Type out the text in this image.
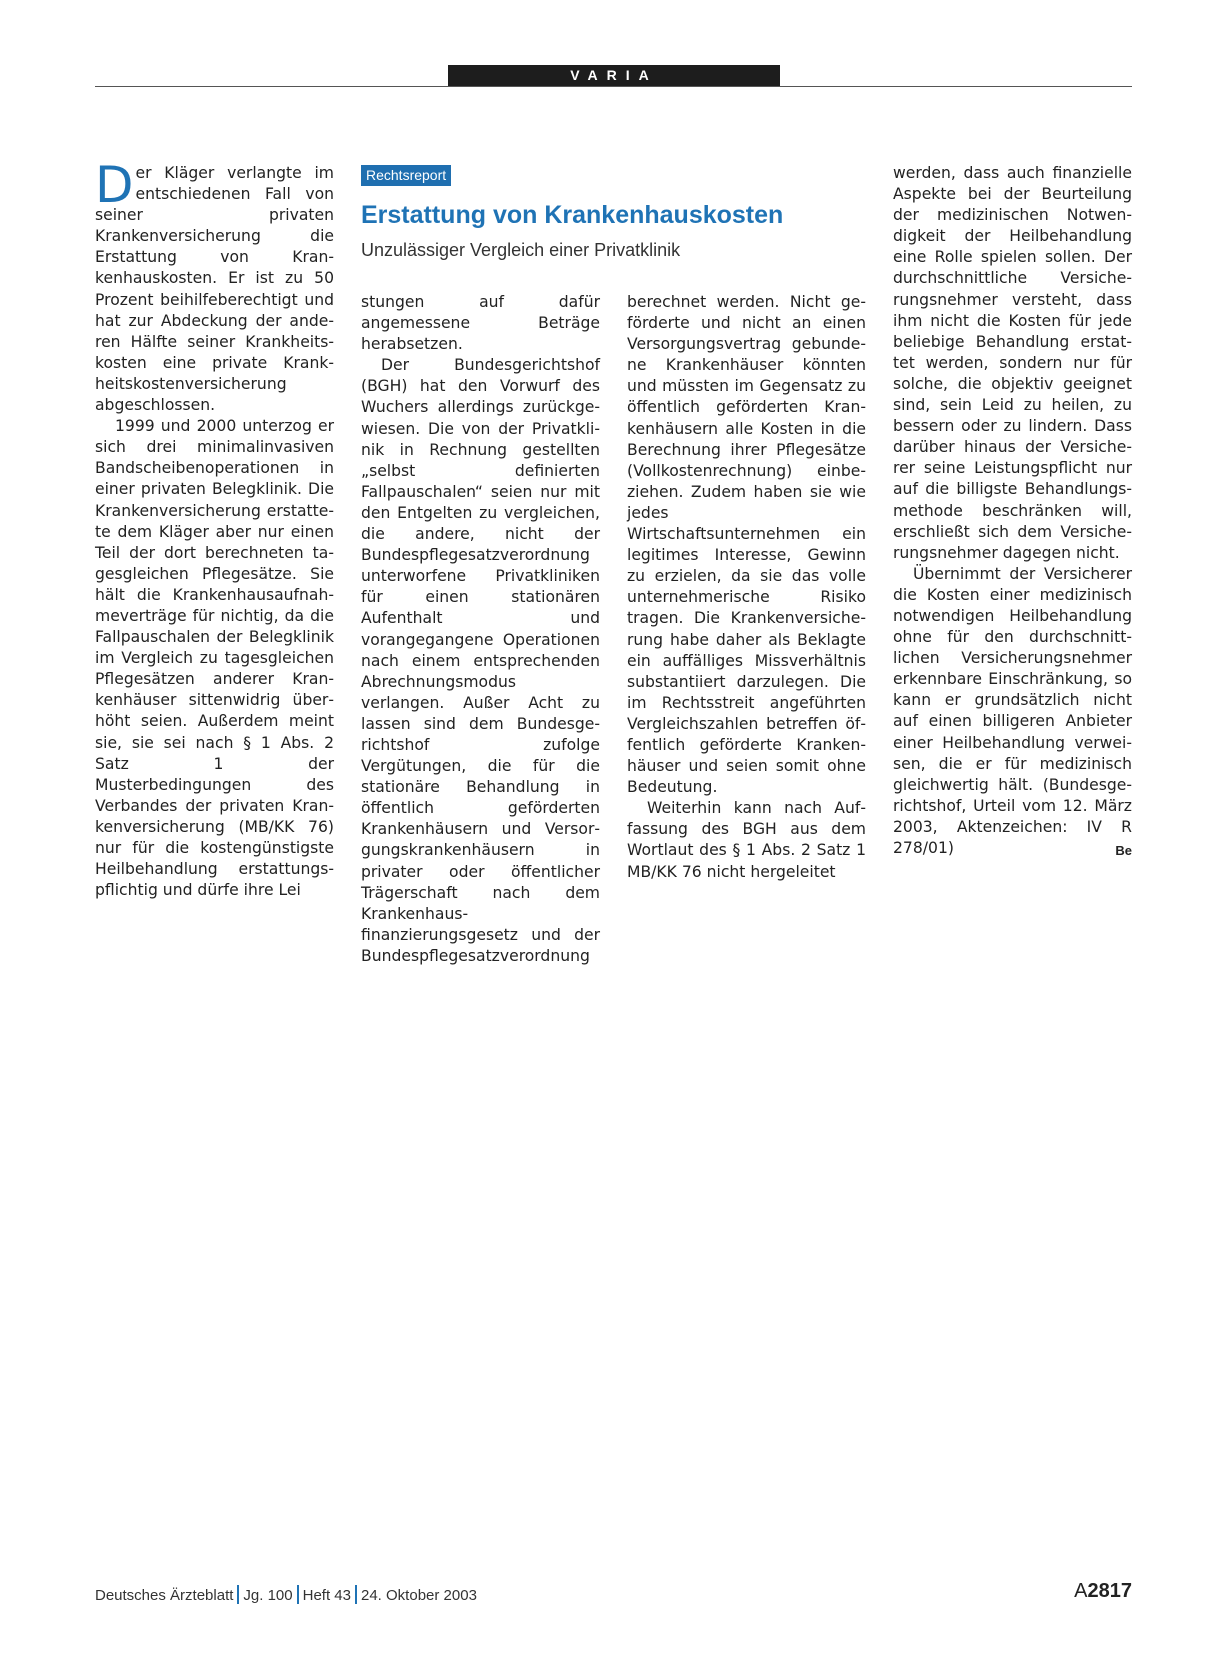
VARIA

Der Kläger verlangte im entschiedenen Fall von seiner privaten Krankenversicherung die Erstattung von Krankenhauskosten. Er ist zu 50 Prozent beihilfeberechtigt und hat zur Abdeckung der anderen Hälfte seiner Krankheitskosten eine private Krankheitskostenversicherung abgeschlossen.

1999 und 2000 unterzog er sich drei minimalinvasiven Bandscheibenoperationen in einer privaten Belegklinik. Die Krankenversicherung erstattete dem Kläger aber nur einen Teil der dort berechneten tagesgleichen Pflegesätze. Sie hält die Krankenhausaufnahmeverträge für nichtig, da die Fallpauschalen der Belegklinik im Vergleich zu tagesgleichen Pflegesätzen anderer Krankenhäuser sittenwidrig überhöht seien. Außerdem meint sie, sie sei nach § 1 Abs. 2 Satz 1 der Musterbedingungen des Verbandes der privaten Krankenversicherung (MB/KK 76) nur für die kostengünstigste Heilbehandlung erstattungspflichtig und dürfe ihre Lei

Rechtsreport
Erstattung von Krankenhauskosten
Unzulässiger Vergleich einer Privatklinik

stungen auf dafür angemessene Beträge herabsetzen.

Der Bundesgerichtshof (BGH) hat den Vorwurf des Wuchers allerdings zurückgewiesen. Die von der Privatklinik in Rechnung gestellten „selbst definierten Fallpauschalen“ seien nur mit den Entgelten zu vergleichen, die andere, nicht der Bundespflegesatzverordnung unterworfene Privatkliniken für einen stationären Aufenthalt und vorangegangene Operationen nach einem entsprechenden Abrechnungsmodus verlangen. Außer Acht zu lassen sind dem Bundesgerichtshof zufolge Vergütungen, die für die stationäre Behandlung in öffentlich geförderten Krankenhäusern und Versorgungskrankenhäusern in privater oder öffentlicher Trägerschaft nach dem Krankenhausfinanzierungsgesetz und der Bundespflegesatzverordnung

berechnet werden. Nicht geförderte und nicht an einen Versorgungsvertrag gebundene Krankenhäuser könnten und müssten im Gegensatz zu öffentlich geförderten Krankenhäusern alle Kosten in die Berechnung ihrer Pflegesätze (Vollkostenrechnung) einbeziehen. Zudem haben sie wie jedes Wirtschaftsunternehmen ein legitimes Interesse, Gewinn zu erzielen, da sie das volle unternehmerische Risiko tragen. Die Krankenversicherung habe daher als Beklagte ein auffälliges Missverhältnis substantiiert darzulegen. Die im Rechtsstreit angeführten Vergleichszahlen betreffen öffentlich geförderte Krankenhäuser und seien somit ohne Bedeutung.

Weiterhin kann nach Auffassung des BGH aus dem Wortlaut des § 1 Abs. 2 Satz 1 MB/KK 76 nicht hergeleitet

werden, dass auch finanzielle Aspekte bei der Beurteilung der medizinischen Notwendigkeit der Heilbehandlung eine Rolle spielen sollen. Der durchschnittliche Versicherungsnehmer versteht, dass ihm nicht die Kosten für jede beliebige Behandlung erstattet werden, sondern nur für solche, die objektiv geeignet sind, sein Leid zu heilen, zu bessern oder zu lindern. Dass darüber hinaus der Versicherer seine Leistungspflicht nur auf die billigste Behandlungsmethode beschränken will, erschließt sich dem Versicherungsnehmer dagegen nicht.

Übernimmt der Versicherer die Kosten einer medizinisch notwendigen Heilbehandlung ohne für den durchschnittlichen Versicherungsnehmer erkennbare Einschränkung, so kann er grundsätzlich nicht auf einen billigeren Anbieter einer Heilbehandlung verweisen, die er für medizinisch gleichwertig hält. (Bundesgerichtshof, Urteil vom 12. März 2003, Aktenzeichen: IV R 278/01)	Be
Deutsches Ärzteblatt Jg. 100 Heft 43 24. Oktober 2003	A2817
